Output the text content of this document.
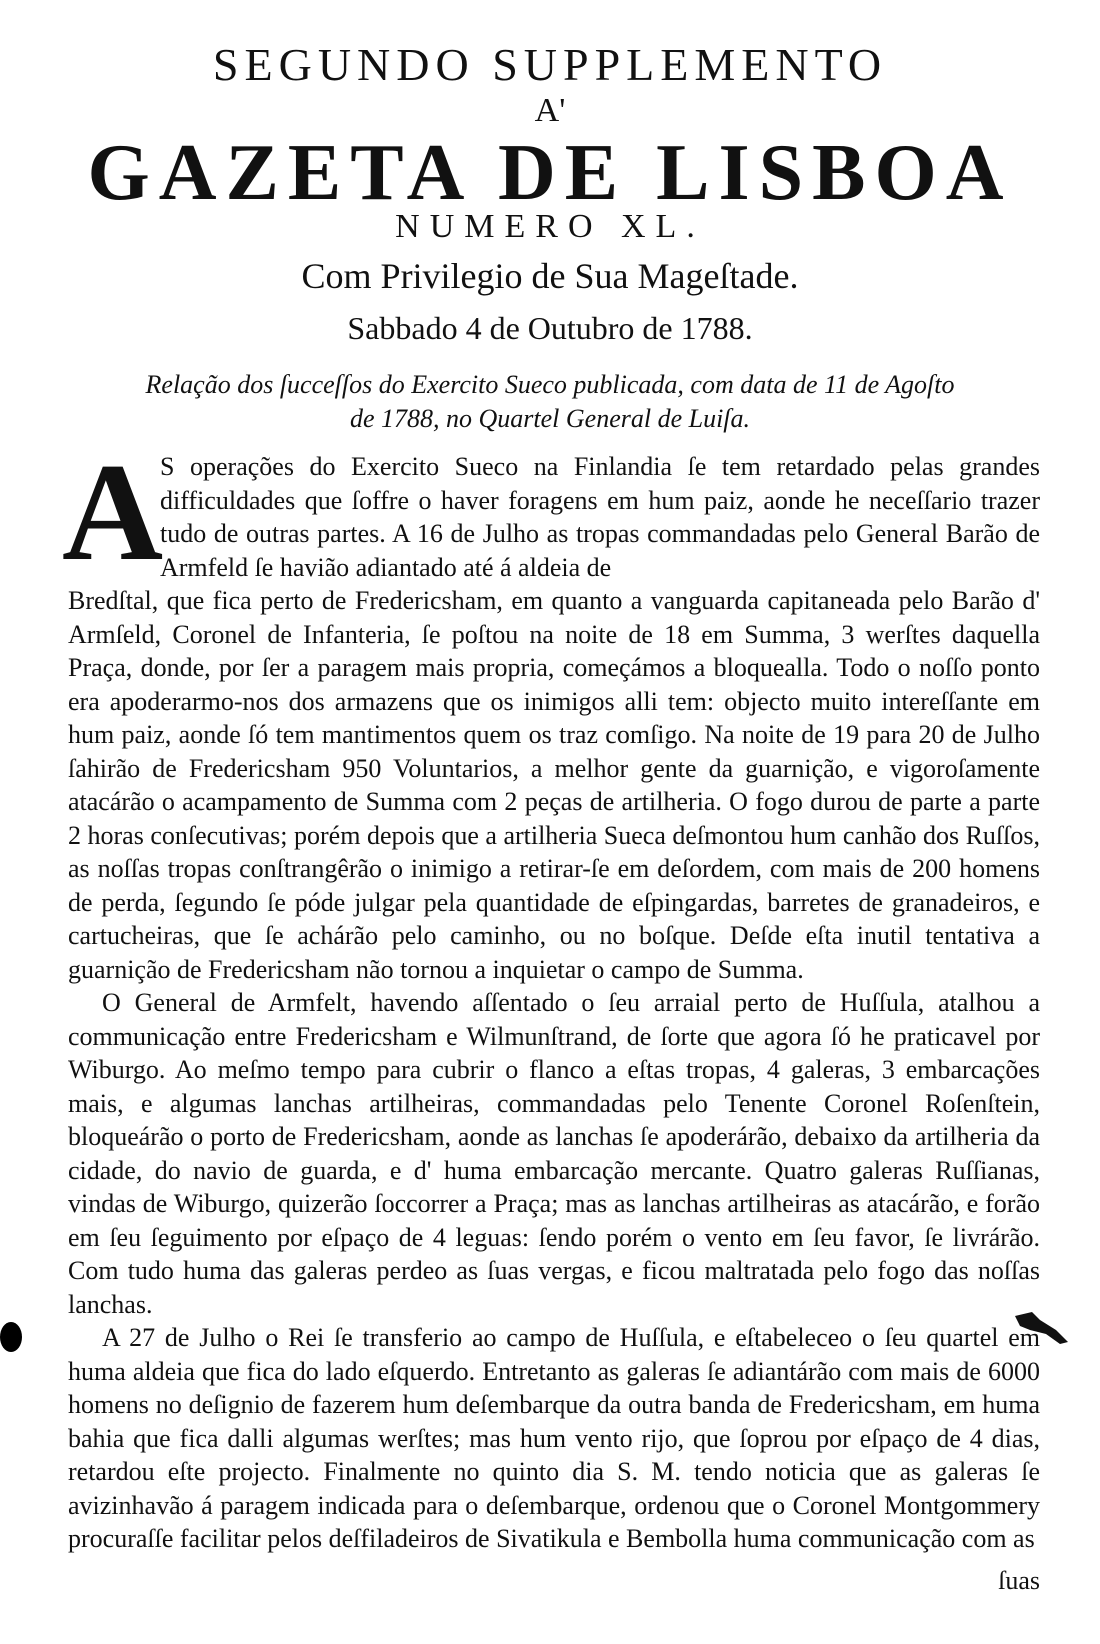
SEGUNDO SUPPLEMENTO
A'
GAZETA DE LISBOA
NUMERO XL.
Com Privilegio de Sua Mageſtade.
Sabbado 4 de Outubro de 1788.
Relação dos ſucceſſos do Exercito Sueco publicada, com data de 11 de Agoſto
de 1788, no Quartel General de Luiſa.
A
S operações do Exercito Sueco na Finlandia ſe tem retardado pelas grandes difficuldades que ſoffre o haver foragens em hum paiz, aonde he neceſſario trazer tudo de outras partes. A 16 de Julho as tropas commandadas pelo General Barão de Armfeld ſe havião adiantado até á aldeia de

Bredſtal, que fica perto de Fredericsham, em quanto a vanguarda capitaneada pelo Barão d' Armſeld, Coronel de Infanteria, ſe poſtou na noite de 18 em Summa, 3 werſtes daquella Praça, donde, por ſer a paragem mais propria, começámos a bloquealla. Todo o noſſo ponto era apoderarmo-nos dos armazens que os inimigos alli tem: objecto muito intereſſante em hum paiz, aonde ſó tem mantimentos quem os traz comſigo. Na noite de 19 para 20 de Julho ſahirão de Fredericsham 950 Voluntarios, a melhor gente da guarnição, e vigoroſamente atacárão o acampamento de Summa com 2 peças de artilheria. O fogo durou de parte a parte 2 horas conſecutivas; porém depois que a artilheria Sueca deſmontou hum canhão dos Ruſſos, as noſſas tropas conſtrangêrão o inimigo a retirar-ſe em deſordem, com mais de 200 homens de perda, ſegundo ſe póde julgar pela quantidade de eſpingardas, barretes de granadeiros, e cartucheiras, que ſe achárão pelo caminho, ou no boſque. Deſde eſta inutil tentativa a guarnição de Fredericsham não tornou a inquietar o campo de Summa.

O General de Armfelt, havendo aſſentado o ſeu arraial perto de Huſſula, atalhou a communicação entre Fredericsham e Wilmunſtrand, de ſorte que agora ſó he praticavel por Wiburgo. Ao meſmo tempo para cubrir o flanco a eſtas tropas, 4 galeras, 3 embarcações mais, e algumas lanchas artilheiras, commandadas pelo Tenente Coronel Roſenſtein, bloqueárão o porto de Fredericsham, aonde as lanchas ſe apoderárão, debaixo da artilheria da cidade, do navio de guarda, e d' huma embarcação mercante. Quatro galeras Ruſſianas, vindas de Wiburgo, quizerão ſoccorrer a Praça; mas as lanchas artilheiras as atacárão, e forão em ſeu ſeguimento por eſpaço de 4 leguas: ſendo porém o vento em ſeu favor, ſe livrárão. Com tudo huma das galeras perdeo as ſuas vergas, e ficou maltratada pelo fogo das noſſas lanchas.

A 27 de Julho o Rei ſe transferio ao campo de Huſſula, e eſtabeleceo o ſeu quartel em huma aldeia que fica do lado eſquerdo. Entretanto as galeras ſe adiantárão com mais de 6000 homens no deſignio de fazerem hum deſembarque da outra banda de Fredericsham, em huma bahia que fica dalli algumas werſtes; mas hum vento rijo, que ſoprou por eſpaço de 4 dias, retardou eſte projecto. Finalmente no quinto dia S. M. tendo noticia que as galeras ſe avizinhavão á paragem indicada para o deſembarque, ordenou que o Coronel Montgommery procuraſſe facilitar pelos deſfiladeiros de Sivatikula e Bembolla huma communicação com as

ſuas
